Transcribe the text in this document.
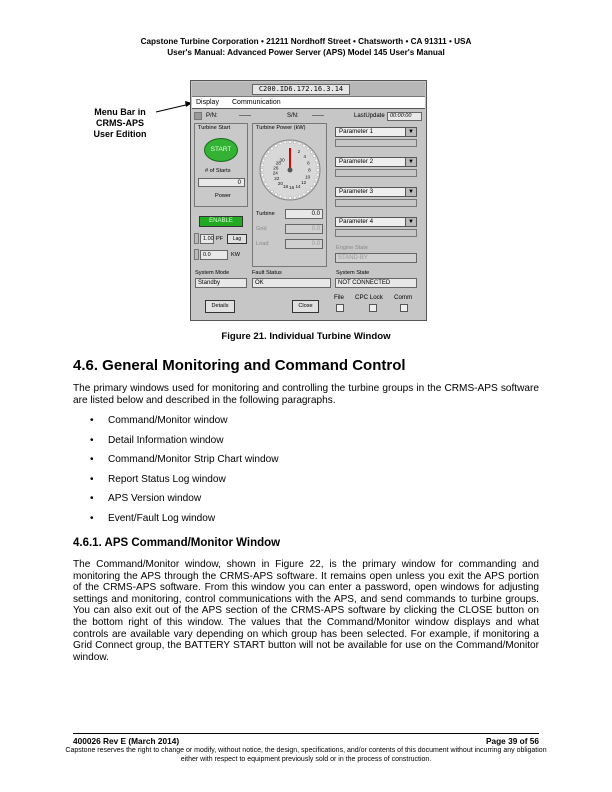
Capstone Turbine Corporation • 21211 Nordhoff Street • Chatsworth • CA 91311 • USA
User's Manual: Advanced Power Server (APS) Model 145 User's Manual
Menu Bar in
CRMS-APS
User Edition
C200.ID6.172.16.3.14
Display Communication
P/N:	——	S/N: ——	LastUpdate 00:00:00
Turbine Start
START
# of Starts
0
Power
ENABLE
1.00 PF	Lag
0.0	KW
Turbine Power (kW)
2
4
6
8
10
12
14
16
18
20
22
24
26
28
30
Turbine	0.0
Grid	0.0
Load	0.0
Parameter 1	▼
Parameter 2	▼
Parameter 3	▼
Parameter 4	▼
Engine State
STAND-BY
System Mode
Standby
Fault Status
OK
System State
NOT CONNECTED
Details	Close
File CPC Lock Comm
Figure 21. Individual Turbine Window
4.6. General Monitoring and Command Control
The primary windows used for monitoring and controlling the turbine groups in the CRMS-APS software are listed below and described in the following paragraphs.
• Command/Monitor window
• Detail Information window
• Command/Monitor Strip Chart window
• Report Status Log window
• APS Version window
• Event/Fault Log window
4.6.1. APS Command/Monitor Window
The Command/Monitor window, shown in Figure 22, is the primary window for commanding and monitoring the APS through the CRMS-APS software. It remains open unless you exit the APS portion of the CRMS-APS software. From this window you can enter a password, open windows for adjusting settings and monitoring, control communications with the APS, and send commands to turbine groups. You can also exit out of the APS section of the CRMS-APS software by clicking the CLOSE button on the bottom right of this window. The values that the Command/Monitor window displays and what controls are available vary depending on which group has been selected. For example, if monitoring a Grid Connect group, the BATTERY START button will not be available for use on the Command/Monitor window.
400026 Rev E (March 2014)	Page 39 of 56
Capstone reserves the right to change or modify, without notice, the design, specifications, and/or contents of this document without incurring any obligation either with respect to equipment previously sold or in the process of construction.
